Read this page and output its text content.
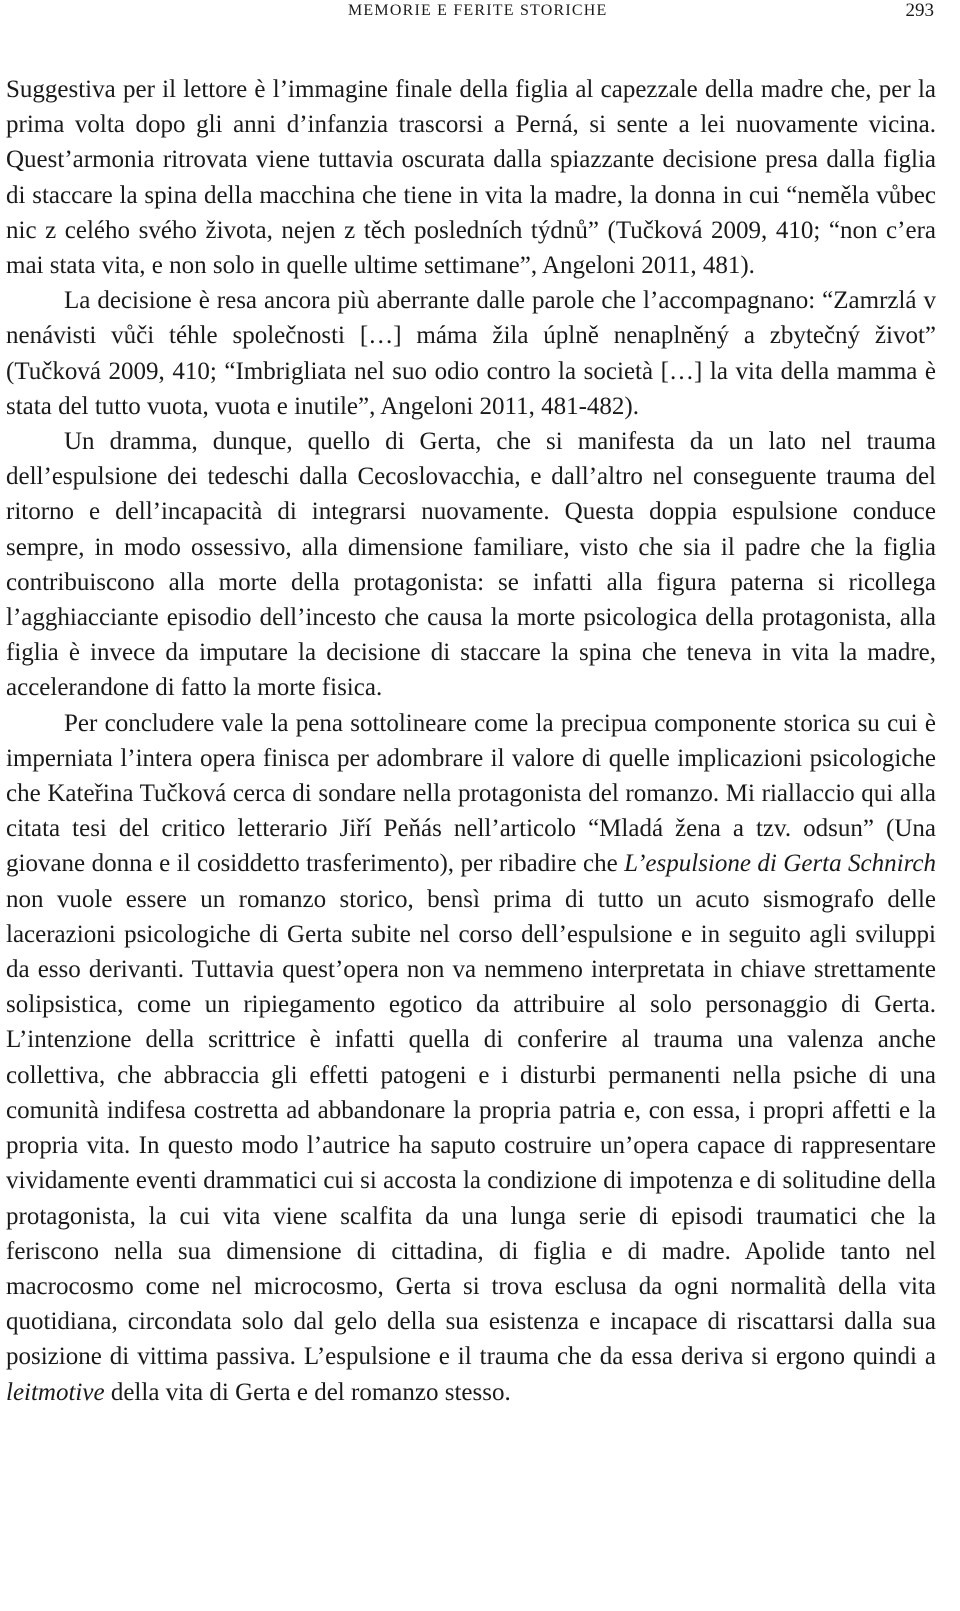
MEMORIE E FERITE STORICHE	293

Suggestiva per il lettore è l’immagine finale della figlia al capezzale della madre che, per la prima volta dopo gli anni d’infanzia trascorsi a Perná, si sente a lei nuovamente vicina. Quest’armonia ritrovata viene tuttavia oscurata dalla spiazzante decisione presa dalla figlia di staccare la spina della macchina che tiene in vita la madre, la donna in cui “neměla vůbec nic z celého svého života, nejen z těch posledních týdnů” (Tučková 2009, 410; “non c’era mai stata vita, e non solo in quelle ultime settimane”, Angeloni 2011, 481).

La decisione è resa ancora più aberrante dalle parole che l’accompagnano: “Zamrzlá v nenávisti vůči téhle společnosti […] máma žila úplně nenaplněný a zbytečný život” (Tučková 2009, 410; “Imbrigliata nel suo odio contro la società […] la vita della mamma è stata del tutto vuota, vuota e inutile”, Angeloni 2011, 481-482).

Un dramma, dunque, quello di Gerta, che si manifesta da un lato nel trauma dell’espulsione dei tedeschi dalla Cecoslovacchia, e dall’altro nel conseguente trauma del ritorno e dell’incapacità di integrarsi nuovamente. Questa doppia espulsione conduce sempre, in modo ossessivo, alla dimensione familiare, visto che sia il padre che la figlia contribuiscono alla morte della protagonista: se infatti alla figura paterna si ricollega l’agghiacciante episodio dell’incesto che causa la morte psicologica della protagonista, alla figlia è invece da imputare la decisione di staccare la spina che teneva in vita la madre, accelerandone di fatto la morte fisica.

Per concludere vale la pena sottolineare come la precipua componente storica su cui è imperniata l’intera opera finisca per adombrare il valore di quelle implicazioni psicologiche che Kateřina Tučková cerca di sondare nella protagonista del romanzo. Mi riallaccio qui alla citata tesi del critico letterario Jiří Peňás nell’articolo “Mladá žena a tzv. odsun” (Una giovane donna e il cosiddetto trasferimento), per ribadire che L’espulsione di Gerta Schnirch non vuole essere un romanzo storico, bensì prima di tutto un acuto sismografo delle lacerazioni psicologiche di Gerta subite nel corso dell’espulsione e in seguito agli sviluppi da esso derivanti. Tuttavia quest’opera non va nemmeno interpretata in chiave strettamente solipsistica, come un ripiegamento egotico da attribuire al solo personaggio di Gerta. L’intenzione della scrittrice è infatti quella di conferire al trauma una valenza anche collettiva, che abbraccia gli effetti patogeni e i disturbi permanenti nella psiche di una comunità indifesa costretta ad abbandonare la propria patria e, con essa, i propri affetti e la propria vita. In questo modo l’autrice ha saputo costruire un’opera capace di rappresentare vividamente eventi drammatici cui si accosta la condizione di impotenza e di solitudine della protagonista, la cui vita viene scalfita da una lunga serie di episodi traumatici che la feriscono nella sua dimensione di cittadina, di figlia e di madre. Apolide tanto nel macrocosmo come nel microcosmo, Gerta si trova esclusa da ogni normalità della vita quotidiana, circondata solo dal gelo della sua esistenza e incapace di riscattarsi dalla sua posizione di vittima passiva. L’espulsione e il trauma che da essa deriva si ergono quindi a leitmotive della vita di Gerta e del romanzo stesso.
